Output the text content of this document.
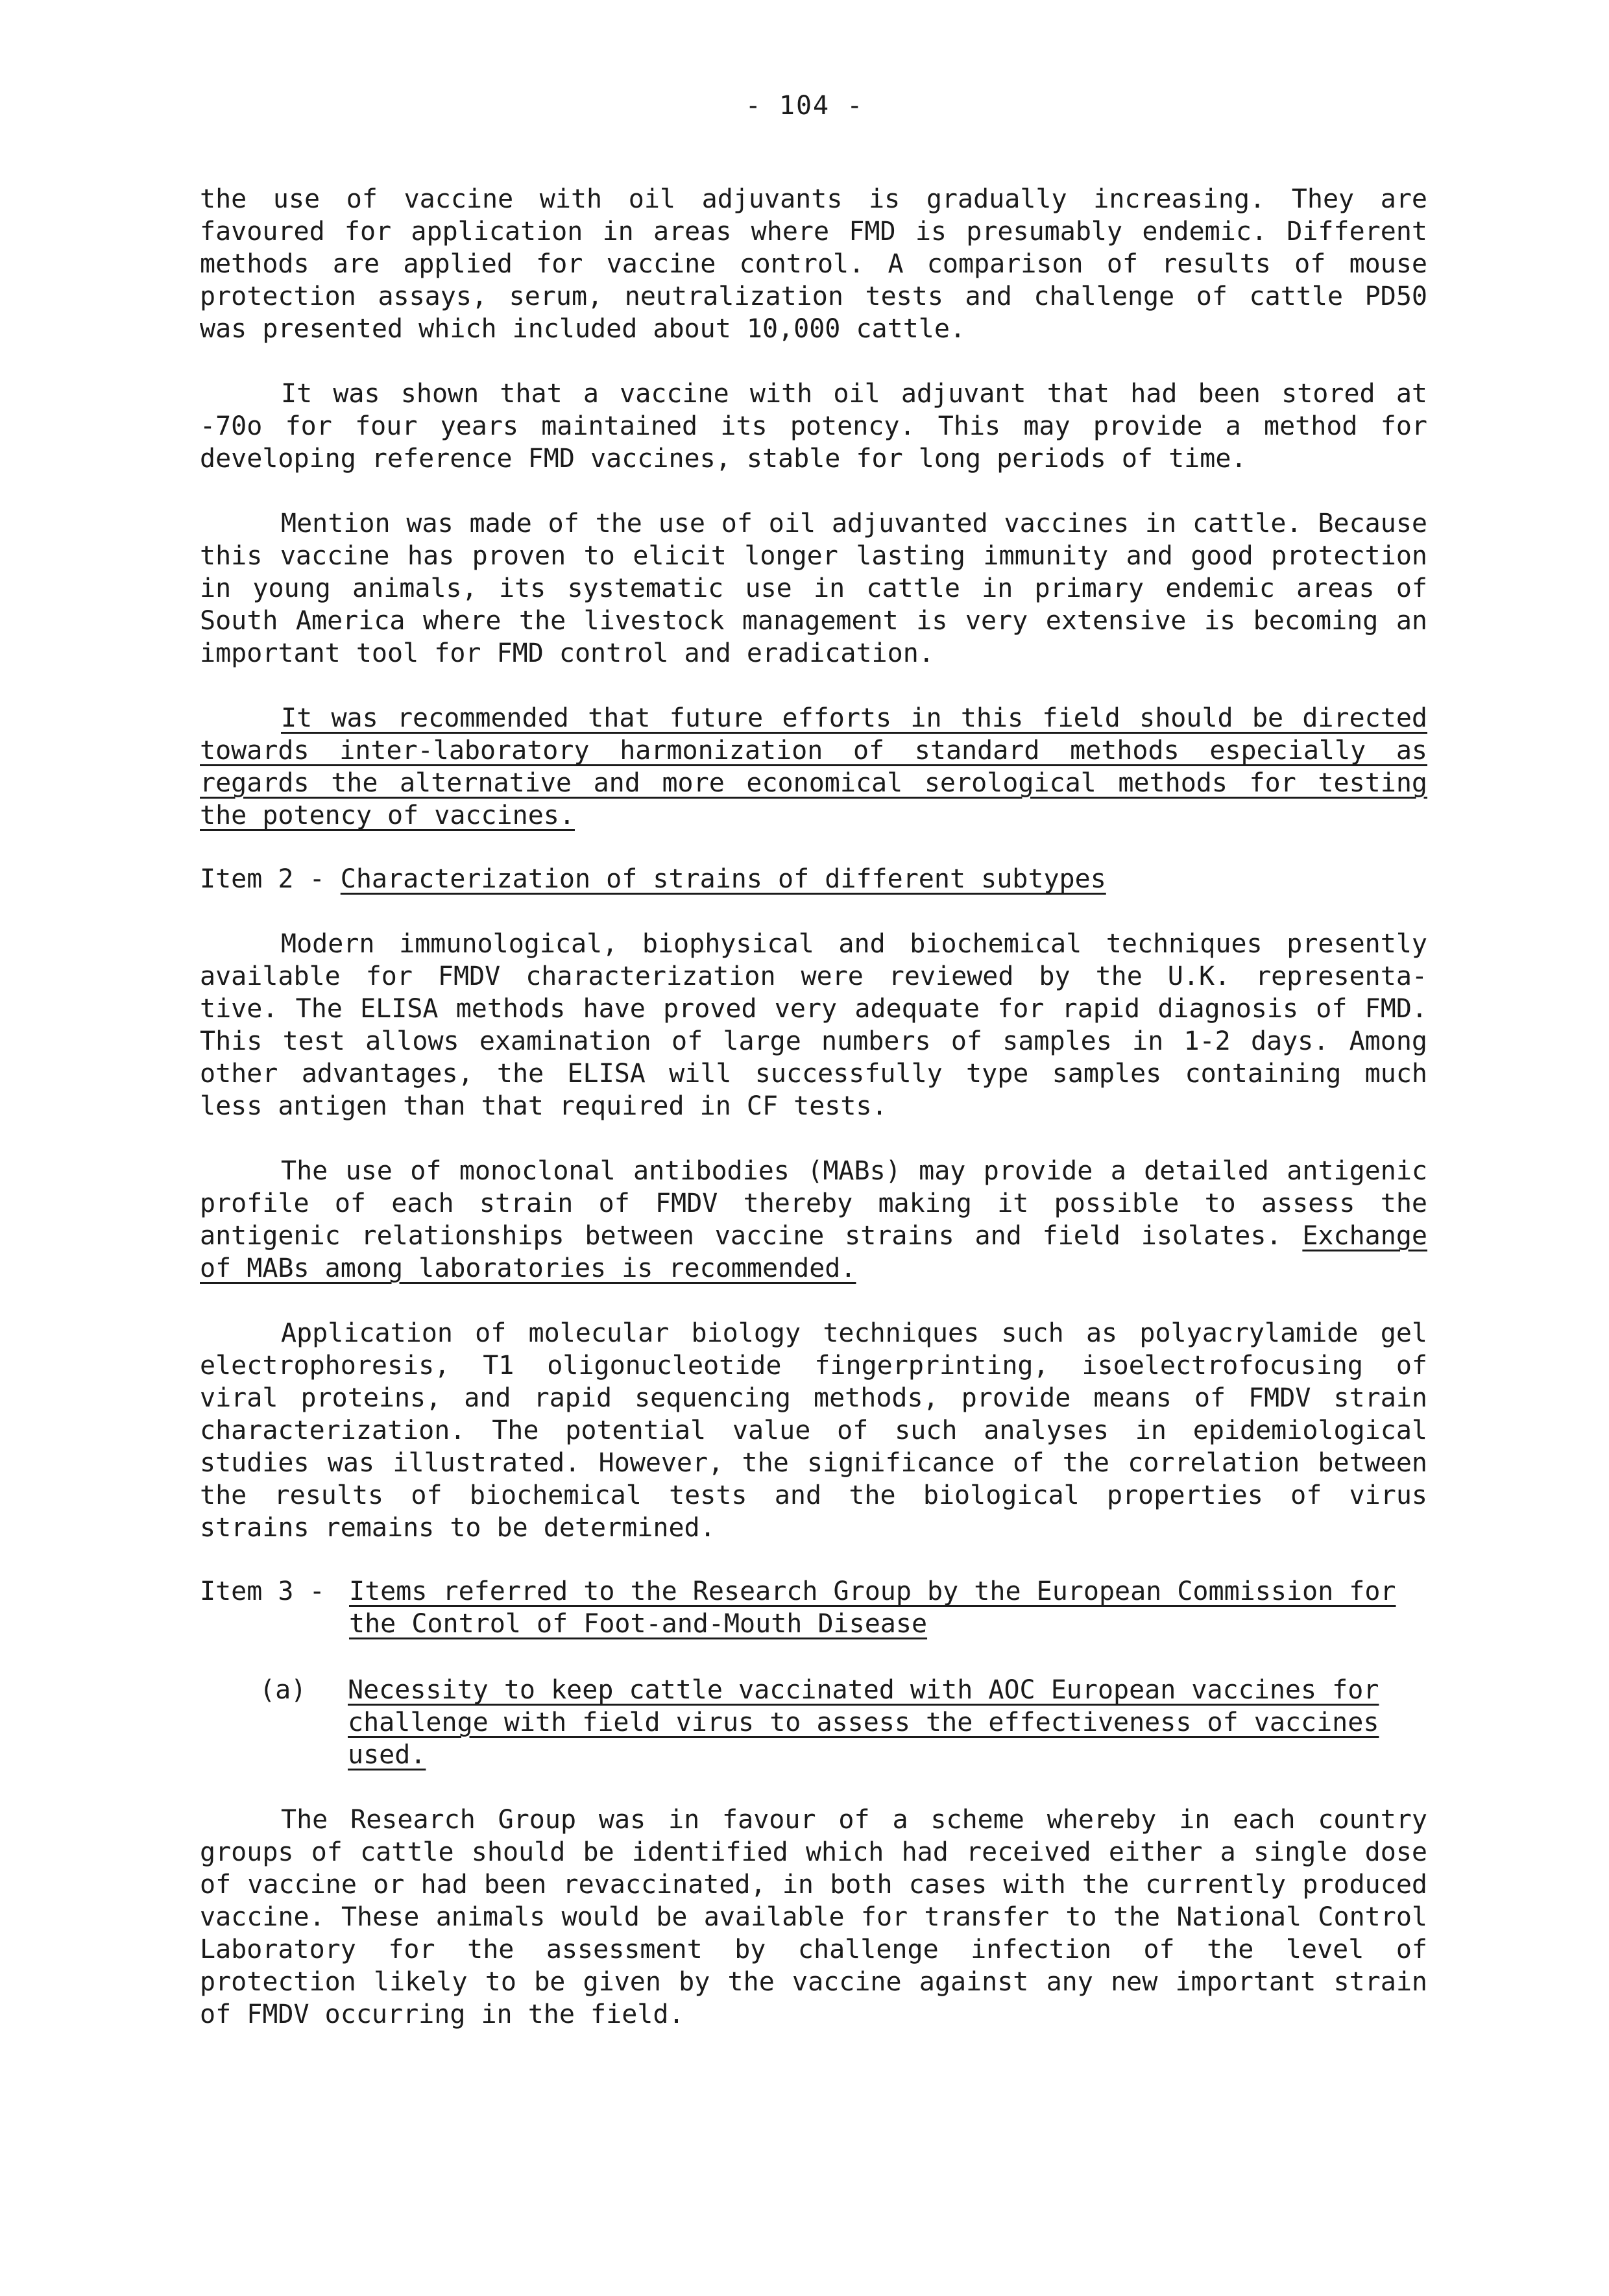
- 104 -

the use of vaccine with oil adjuvants is gradually increasing. They are favoured for application in areas where FMD is presumably endemic. Different methods are applied for vaccine control. A comparison of results of mouse protection assays, serum, neutralization tests and challenge of cattle PD50 was presented which included about 10,000 cattle.

It was shown that a vaccine with oil adjuvant that had been stored at -70o for four years maintained its potency. This may provide a method for developing reference FMD vaccines, stable for long periods of time.

Mention was made of the use of oil adjuvanted vaccines in cattle. Because this vaccine has proven to elicit longer lasting immunity and good protection in young animals, its systematic use in cattle in primary endemic areas of South America where the livestock management is very extensive is becoming an important tool for FMD control and eradication.

It was recommended that future efforts in this field should be directed towards inter-laboratory harmonization of standard methods especially as regards the alternative and more economical serological methods for testing the potency of vaccines.

Item 2 - Characterization of strains of different subtypes

Modern immunological, biophysical and biochemical techniques presently available for FMDV characterization were reviewed by the U.K. representa- tive. The ELISA methods have proved very adequate for rapid diagnosis of FMD. This test allows examination of large numbers of samples in 1-2 days. Among other advantages, the ELISA will successfully type samples containing much less antigen than that required in CF tests.

The use of monoclonal antibodies (MABs) may provide a detailed antigenic profile of each strain of FMDV thereby making it possible to assess the antigenic relationships between vaccine strains and field isolates. Exchange of MABs among laboratories is recommended.

Application of molecular biology techniques such as polyacrylamide gel electrophoresis, T1 oligonucleotide fingerprinting, isoelectrofocusing of viral proteins, and rapid sequencing methods, provide means of FMDV strain characterization. The potential value of such analyses in epidemiological studies was illustrated. However, the significance of the correlation between the results of biochemical tests and the biological properties of virus strains remains to be determined.

Item 3 - Items referred to the Research Group by the European Commission for the Control of Foot-and-Mouth Disease
(a) Necessity to keep cattle vaccinated with AOC European vaccines for challenge with field virus to assess the effectiveness of vaccines used.

The Research Group was in favour of a scheme whereby in each country groups of cattle should be identified which had received either a single dose of vaccine or had been revaccinated, in both cases with the currently produced vaccine. These animals would be available for transfer to the National Control Laboratory for the assessment by challenge infection of the level of protection likely to be given by the vaccine against any new important strain of FMDV occurring in the field.
